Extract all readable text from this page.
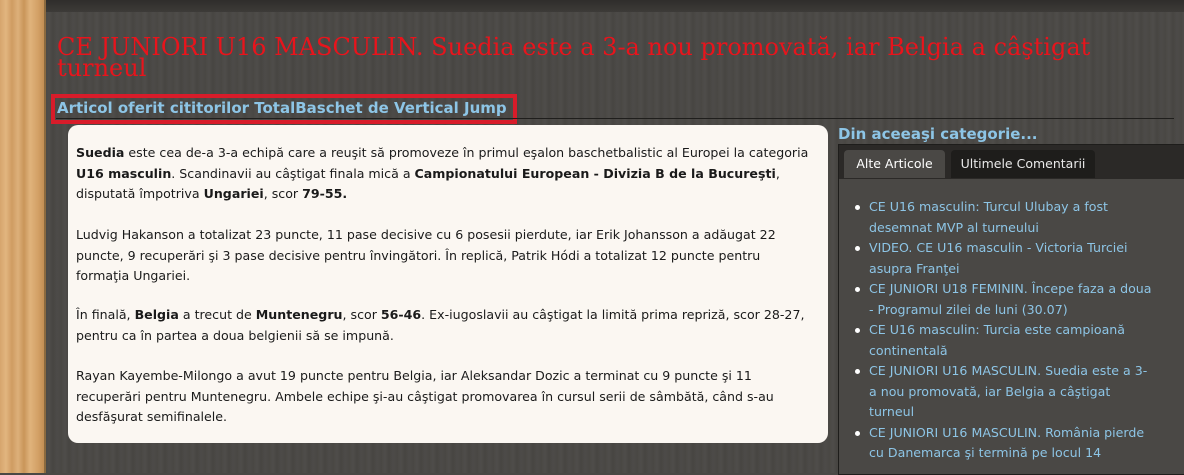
CE JUNIORI U16 MASCULIN. Suedia este a 3-a nou promovată, iar Belgia a câştigat turneul
Articol oferit cititorilor TotalBaschet de Vertical Jump

Suedia este cea de-a 3-a echipă care a reuşit să promoveze în primul eşalon baschetbalistic al Europei la categoria U16 masculin. Scandinavii au câştigat finala mică a Campionatului European - Divizia B de la Bucureşti, disputată împotriva Ungariei, scor 79-55.

Ludvig Hakanson a totalizat 23 puncte, 11 pase decisive cu 6 posesii pierdute, iar Erik Johansson a adăugat 22 puncte, 9 recuperări şi 3 pase decisive pentru învingători. În replică, Patrik Hódi a totalizat 12 puncte pentru formaţia Ungariei.

În finală, Belgia a trecut de Muntenegru, scor 56-46. Ex-iugoslavii au câştigat la limită prima repriză, scor 28-27, pentru ca în partea a doua belgienii să se impună.

Rayan Kayembe-Milongo a avut 19 puncte pentru Belgia, iar Aleksandar Dozic a terminat cu 9 puncte şi 11 recuperări pentru Muntenegru. Ambele echipe şi-au câştigat promovarea în cursul serii de sâmbătă, când s-au desfăşurat semifinalele.

Din aceeaşi categorie...
Alte Articole	Ultimele Comentarii
CE U16 masculin: Turcul Ulubay a fost desemnat MVP al turneului
VIDEO. CE U16 masculin - Victoria Turciei asupra Franţei
CE JUNIORI U18 FEMININ. Începe faza a doua - Programul zilei de luni (30.07)
CE U16 masculin: Turcia este campioană continentală
CE JUNIORI U16 MASCULIN. Suedia este a 3-a nou promovată, iar Belgia a câştigat turneul
CE JUNIORI U16 MASCULIN. România pierde cu Danemarca şi termină pe locul 14
